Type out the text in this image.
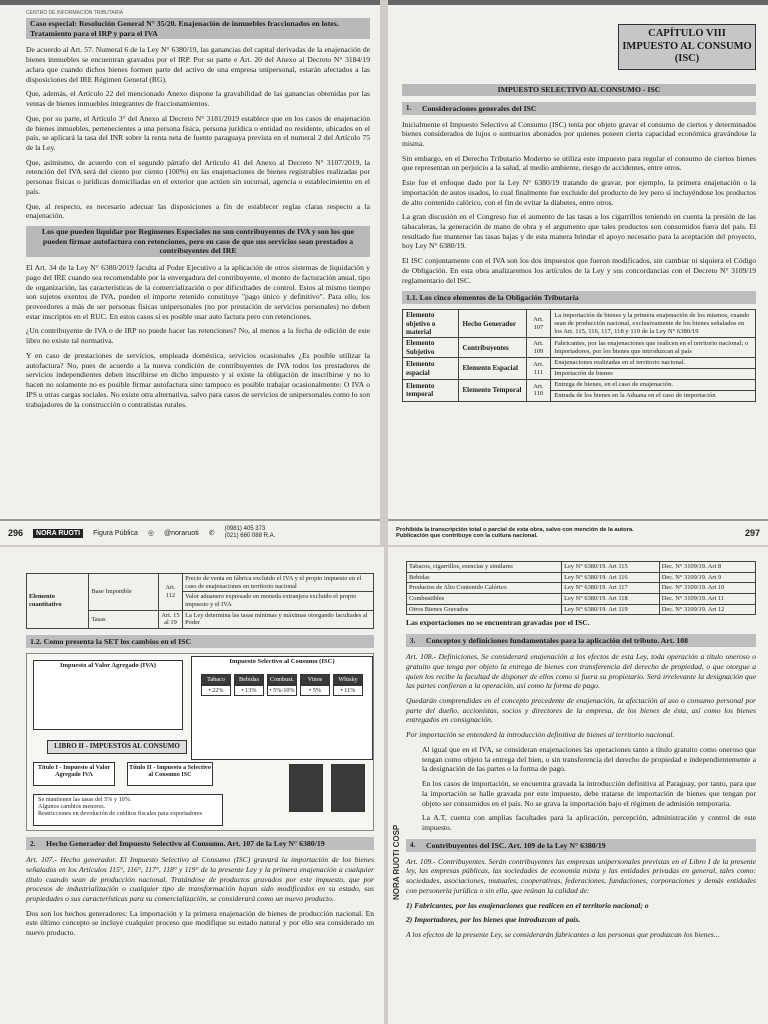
CENTRO DE INFORMACIÓN TRIBUTARIA
Caso especial: Resolución General N° 35/20. Enajenación de inmuebles fraccionados en lotes. Tratamiento para el IRP y para el IVA

De acuerdo al Art. 57. Numeral 6 de la Ley N° 6380/19, las ganancias del capital derivadas de la enajenación de bienes inmuebles se encuentran gravados por el IRP. Por su parte e Art. 20 del Anexo al Decreto N° 3184/19 aclara que cuando dichos bienes formen parte del activo de una empresa unipersonal, estarán afectados a las disposiciones del IRE Régimen General (RG).

Que, además, el Artículo 22 del mencionado Anexo dispone la gravabilidad de las ganancias obtenidas por las ventas de bienes inmuebles integrantes de fraccionamientos.

Que, por su parte, el Artículo 3° del Anexo al Decreto N° 3181/2019 establece que en los casos de enajenación de bienes inmuebles, pertenecientes a una persona física, persona jurídica o entidad no residente, ubicados en el país, se aplicará la tasa del INR sobre la renta neta de fuente paraguaya prevista en el numeral 2 del Artículo 75 de la Ley.

Que, asimismo, de acuerdo con el segundo párrafo del Artículo 41 del Anexo al Decreto N° 3107/2019, la retención del IVA será del ciento por ciento (100%) en las enajenaciones de bienes registrables realizadas por personas físicas o jurídicas domiciliadas en el exterior que actúen sin sucursal, agencia o establecimiento en el país.

Que, al respecto, es necesario adecuar las disposiciones a fin de establecer reglas claras respecto a la enajenación.

Los que pueden liquidar por Regímenes Especiales no son contribuyentes de IVA y son los que pueden firmar autofactura con retenciones, pero en caso de que sus servicios sean prestados a contribuyentes del IRE

El Art. 34 de la Ley N° 6380/2019 faculta al Poder Ejecutivo a la aplicación de otros sistemas de liquidación y pago del IRE cuando sea recomendable por la envergadura del contribuyente, el monto de facturación anual, tipo de organización, las características de la comercialización o por dificultades de control. Estos al mismo tiempo son sujetos exentos de IVA, pueden el importe retenido constituye "pago único y definitivo". Para ello, los proveedores a más de ser personas físicas unipersonales (no por prestación de servicios personales) no deben estar inscriptos en el RUC. En estos casos sí es posible usar auto factura pero con retenciones.

¿Un contribuyente de IVA o de IRP no puede hacer las retenciones? No, al menos a la fecha de edición de este libro no existe tal normativa.

Y en caso de prestaciones de servicios, empleada doméstica, servicios ocasionales ¿Es posible utilizar la autofactura? No, pues de acuerdo a la nueva condición de contribuyentes de IVA todos los prestadores de servicios independientes deben inscribirse en dicho impuesto y si existe la obligación de inscribirse y no lo hacen no solamente no es posible firmar autofactura sino tampoco es posible trabajar ocasionalmente: O IVA o IPS u otras cargas sociales. No existe otra alternativa, salvo para casos de servicios de unipersonales como lo son trabajadores de la construcción o contratistas rurales.

296	NORA RUOTI	Figura Pública ◎ @noraruoti ✆
(0981) 405 373
(021) 660 088 R.A.
CAPÍTULO VIII
IMPUESTO AL CONSUMO (ISC)
IMPUESTO SELECTIVO AL CONSUMO - ISC
1.	Consideraciones generales del ISC

Inicialmente el Impuesto Selectivo al Consumo (ISC) tenía por objeto gravar el consumo de ciertos y determinados bienes considerados de lujos o suntuarios abonados por quienes poseen cierta capacidad económica gravándose la misma.

Sin embargo, en el Derecho Tributario Moderno se utiliza este impuesto para regular el consumo de ciertos bienes que representan un perjuicio a la salud, al medio ambiente, riesgo de accidentes, entre otros.

Este fue el enfoque dado por la Ley N° 6380/19 tratando de gravar, por ejemplo, la primera enajenación o la importación de autos usados, lo cual finalmente fue excluido del producto de ley pero sí incluyéndose los productos de alto contenido calórico, con el fin de evitar la diabetes, entre otros.

La gran discusión en el Congreso fue el aumento de las tasas a los cigarrillos teniendo en cuenta la presión de las tabacaleras, la generación de mano de obra y el argumento que tales productos son consumidos fuera del país. El resultado fue mantener las tasas bajas y de esta manera brindar el apoyo necesario para la aceptación del proyecto, hoy Ley N° 6380/19.

El ISC conjuntamente con el IVA son los dos impuestos que fueron modificados, sin cambiar ni siquiera el Código de Obligación. En esta obra analizaremos los artículos de la Ley y sus concordancias con el Decreto N° 3109/19 reglamentario del ISC.

1.1. Los cinco elementos de la Obligación Tributaria
Elemento objetivo o material	Hecho Generador	Art. 107	La importación de bienes y la primera enajenación de los mismos, cuando sean de producción nacional, exclusivamente de los bienes señalados en los Art. 115, 116, 117, 118 y 119 de la Ley N° 6380/19
Elemento Subjetivo	Contribuyentes	Art. 109	Fabricantes, por las enajenaciones que realicen en el territorio nacional; o Importadores, por los bienes que introduzcan al país
Elemento espacial	Elemento Espacial	Art. 111	Enajenaciones realizadas en el territorio nacional.
			Importación de bienes
Elemento temporal	Elemento Temporal	Art. 110	Entrega de bienes, en el caso de enajenación.
			Entrada de los bienes en la Aduana en el caso de importación
Prohibida la transcripción total o parcial de esta obra, salvo con mención de la autora.
Publicación que contribuye con la cultura nacional.	297
Elemento cuantitativo	Base Imponible	Art. 112	Precio de venta en fábrica excluido el IVA y el propio impuesto en el caso de enajenaciones en territorio nacional
			Valor aduanero expresado en moneda extranjera excluido el propio impuesto y el IVA
	Tasas	Art. 15 al 19	La Ley determina las tasas mínimas y máximas otorgando facultades al Poder
1.2. Como presenta la SET los cambios en el ISC
Impuesto al Valor Agregado (IVA)
Impuesto Selectivo al Consumo (ISC)
Tabaco
• 22%
Bebidas
• 13%
Combust.
• 5%-10%
Vinos
• 5%
Whisky
• 11%
LIBRO II - IMPUESTOS AL CONSUMO
Título I - Impuesto al Valor Agregado IVA
Título II - Impuesto a Selectivo al Consumo ISC
Se mantienen las tasas del 5% y 10%.
Algunos cambios menores.
Restricciones en devolución de créditos fiscales para exportadores
2.	Hecho Generador del Impuesto Selectivo al Consumo. Art. 107 de la Ley N° 6380/19

Art. 107.- Hecho generador. El Impuesto Selectivo al Consumo (ISC) gravará la importación de los bienes señalados en los Artículos 115°, 116°, 117°, 118° y 119° de la presente Ley y la primera enajenación a cualquier título cuando sean de producción nacional. Tratándose de productos gravados por este impuesto, que por procesos de industrialización o cualquier tipo de transformación hayan sido modificados en su estado, sus propiedades o sus características para su comercialización, se considerará como un nuevo producto.

Dos son los hechos generadores: La importación y la primera enajenación de bienes de producción nacional. En este último concepto se incluye cualquier proceso que modifique su estado natural y por ello sea considerado un nuevo producto.

Tabacos, cigarrillos, esencias y similares	Ley N° 6380/19. Art 115	Dec. N° 3109/19. Art 8
Bebidas	Ley N° 6380/19. Art 116	Dec. N° 3109/19. Art 9
Productos de Alto Contenido Calórico	Ley N° 6380/19. Art 117	Dec. N° 3109/19. Art 10
Combustibles	Ley N° 6380/19. Art 118	Dec. N° 3109/19. Art 11
Otros Bienes Gravados	Ley N° 6380/19. Art 119	Dec. N° 3109/19. Art 12

Las exportaciones no se encuentran gravadas por el ISC.

3.	Conceptos y definiciones fundamentales para la aplicación del tributo. Art. 108

Art. 108.- Definiciones. Se considerará enajenación a los efectos de esta Ley, toda operación a título oneroso o gratuito que tenga por objeto la entrega de bienes con transferencia del derecho de propiedad, o que otorgue a quien los recibe la facultad de disponer de ellos como si fuera su propietario. Será irrelevante la designación que las partes confieran a la operación, así como la forma de pago.

Quedarán comprendidas en el concepto precedente de enajenación, la afectación al uso o consumo personal por parte del dueño, accionistas, socios y directores de la empresa, de los bienes de ésta, así como los bienes entregados en consignación.

Por importación se entenderá la introducción definitiva de bienes al territorio nacional.

Al igual que en el IVA, se consideran enajenaciones las operaciones tanto a título gratuito como oneroso que tengan como objeto la entrega del bien, o sin transferencia del derecho de propiedad e independientemente a la designación de las partes o la forma de pago.

En los casos de importación, se encuentra gravada la introducción definitiva al Paraguay, por tanto, para que la importación se halle gravada por este impuesto, debe tratarse de importación de bienes que tengan por objeto ser consumidos en el país. No se grava la importación bajo el régimen de admisión temporaria.

La A.T, cuenta con amplias facultades para la aplicación, percepción, administración y control de este impuesto.

4.	Contribuyentes del ISC. Art. 109 de la Ley N° 6380/19

Art. 109.- Contribuyentes. Serán contribuyentes las empresas unipersonales previstas en el Libro I de la presente ley, las empresas públicas, las sociedades de economía mixta y las entidades privadas en general, tales como: sociedades, asociaciones, mutuales, cooperativas, federaciones, fundaciones, corporaciones y demás entidades con personería jurídica o sin ella, que reúnan la calidad de:

1) Fabricantes, por las enajenaciones que realicen en el territorio nacional; o

2) Importadores, por los bienes que introduzcan al país.

A los efectos de la presente Ley, se considerarán fabricantes a las personas que produzcan los bienes...

NORA RUOTI COSP
